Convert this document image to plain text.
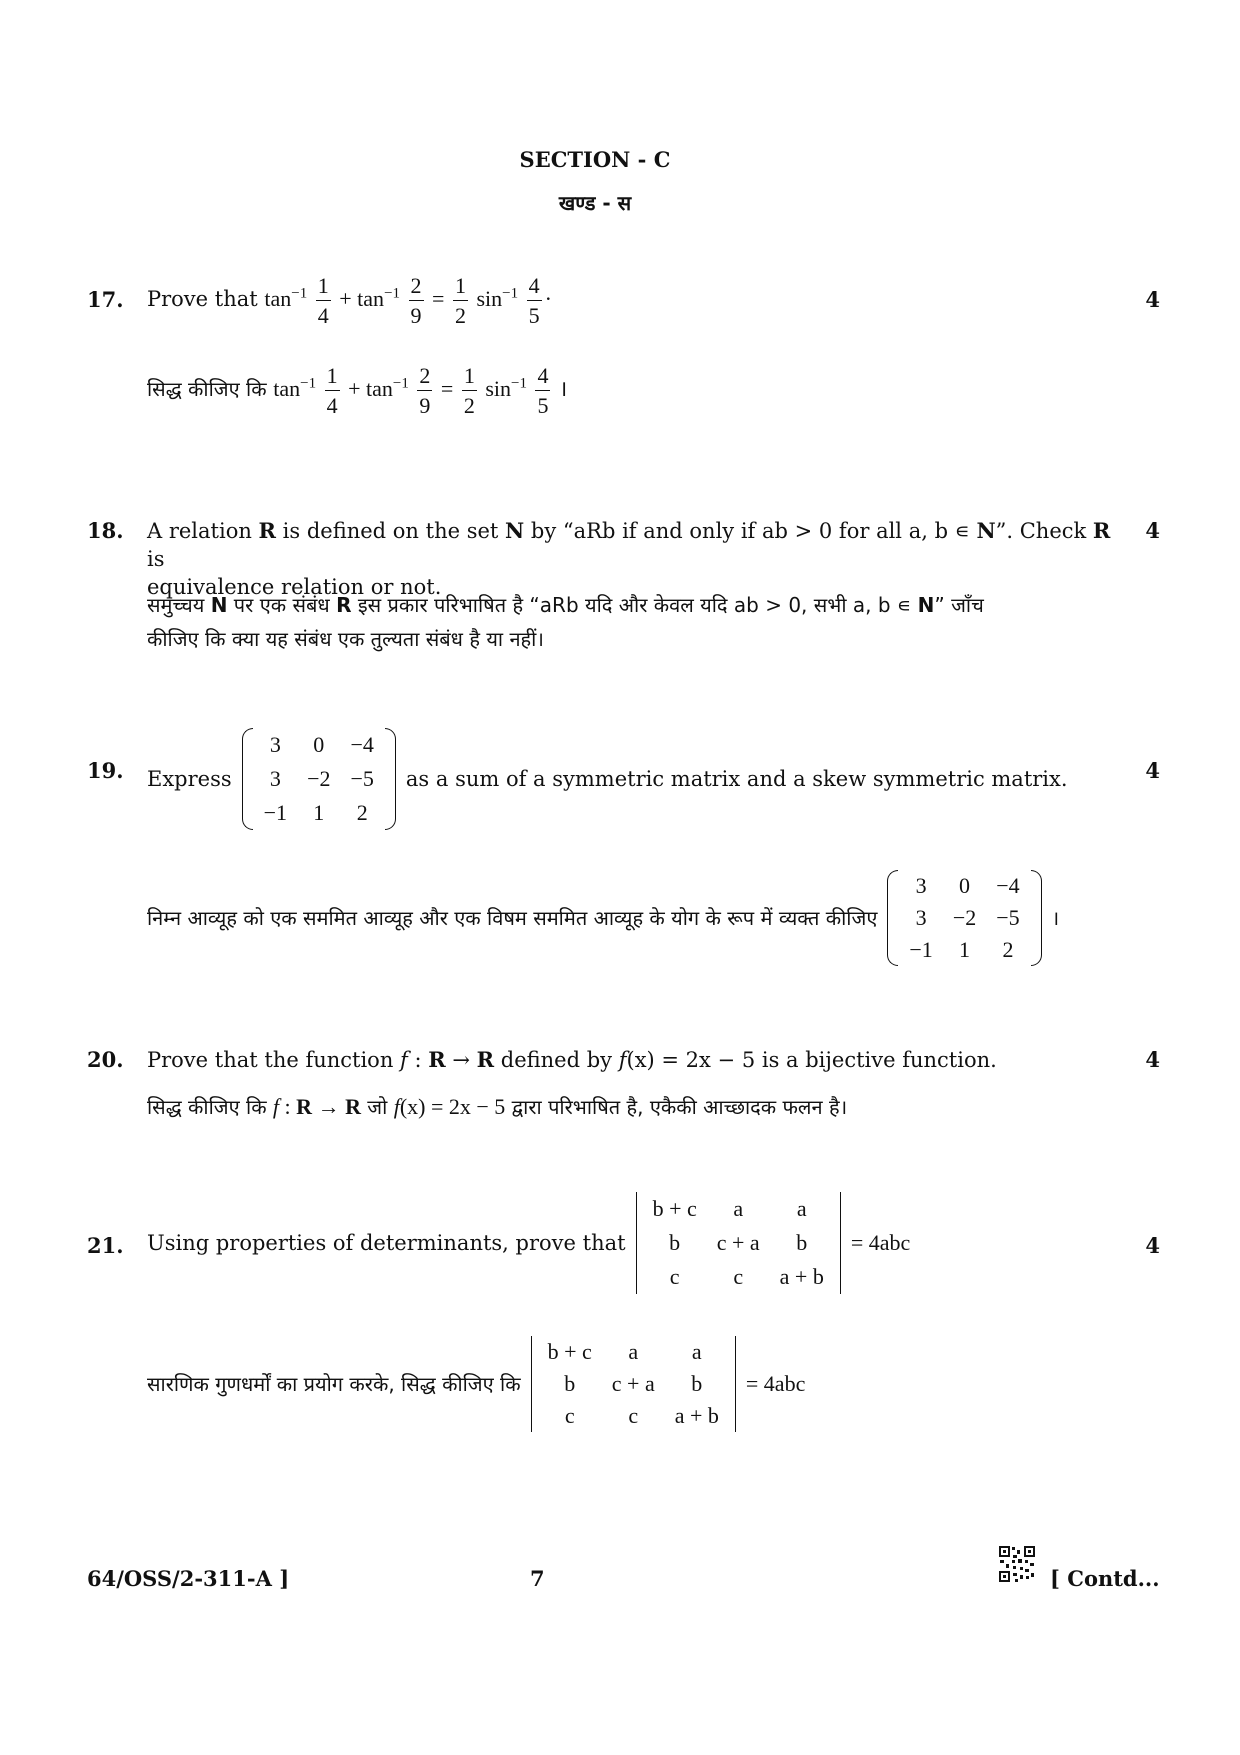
SECTION - C
खण्ड - स
17.	4
Prove that $\tan^{-1} \frac{1}{4} + \tan^{-1} \frac{2}{9} = \frac{1}{2} \sin^{-1} \frac{4}{5}$ ·
सिद्ध कीजिए कि $\tan^{-1} \frac{1}{4} + \tan^{-1} \frac{2}{9} = \frac{1}{2} \sin^{-1} \frac{4}{5}$ ।
18.	4
A relation R is defined on the set N by “aRb if and only if ab > 0 for all a, b ∊ N”. Check R is
equivalence relation or not.
समुच्चय N पर एक संबंध R इस प्रकार परिभाषित है “aRb यदि और केवल यदि ab > 0, सभी a, b ∊ N” जाँच
कीजिए कि क्या यह संबंध एक तुल्यता संबंध है या नहीं।
19.	4
Express
3	0	−4
3	−2	−5
−1	1	2
as a sum of a symmetric matrix and a skew symmetric matrix.
निम्न आव्यूह को एक सममित आव्यूह और एक विषम सममित आव्यूह के योग के रूप में व्यक्त कीजिए
3	0	−4
3	−2	−5
−1	1	2
।
20.	4
Prove that the function f : R → R defined by f(x) = 2x − 5 is a bijective function.
सिद्ध कीजिए कि f : R → R जो f(x) = 2x − 5 द्वारा परिभाषित है, एकैकी आच्छादक फलन है।
21.	4
Using properties of determinants, prove that
b + c	a	a
b	c + a	b
c	c	a + b
= 4abc
सारणिक गुणधर्मों का प्रयोग करके, सिद्ध कीजिए कि
b + c	a	a
b	c + a	b
c	c	a + b
= 4abc
64/OSS/2-311-A ]	7	[ Contd...
